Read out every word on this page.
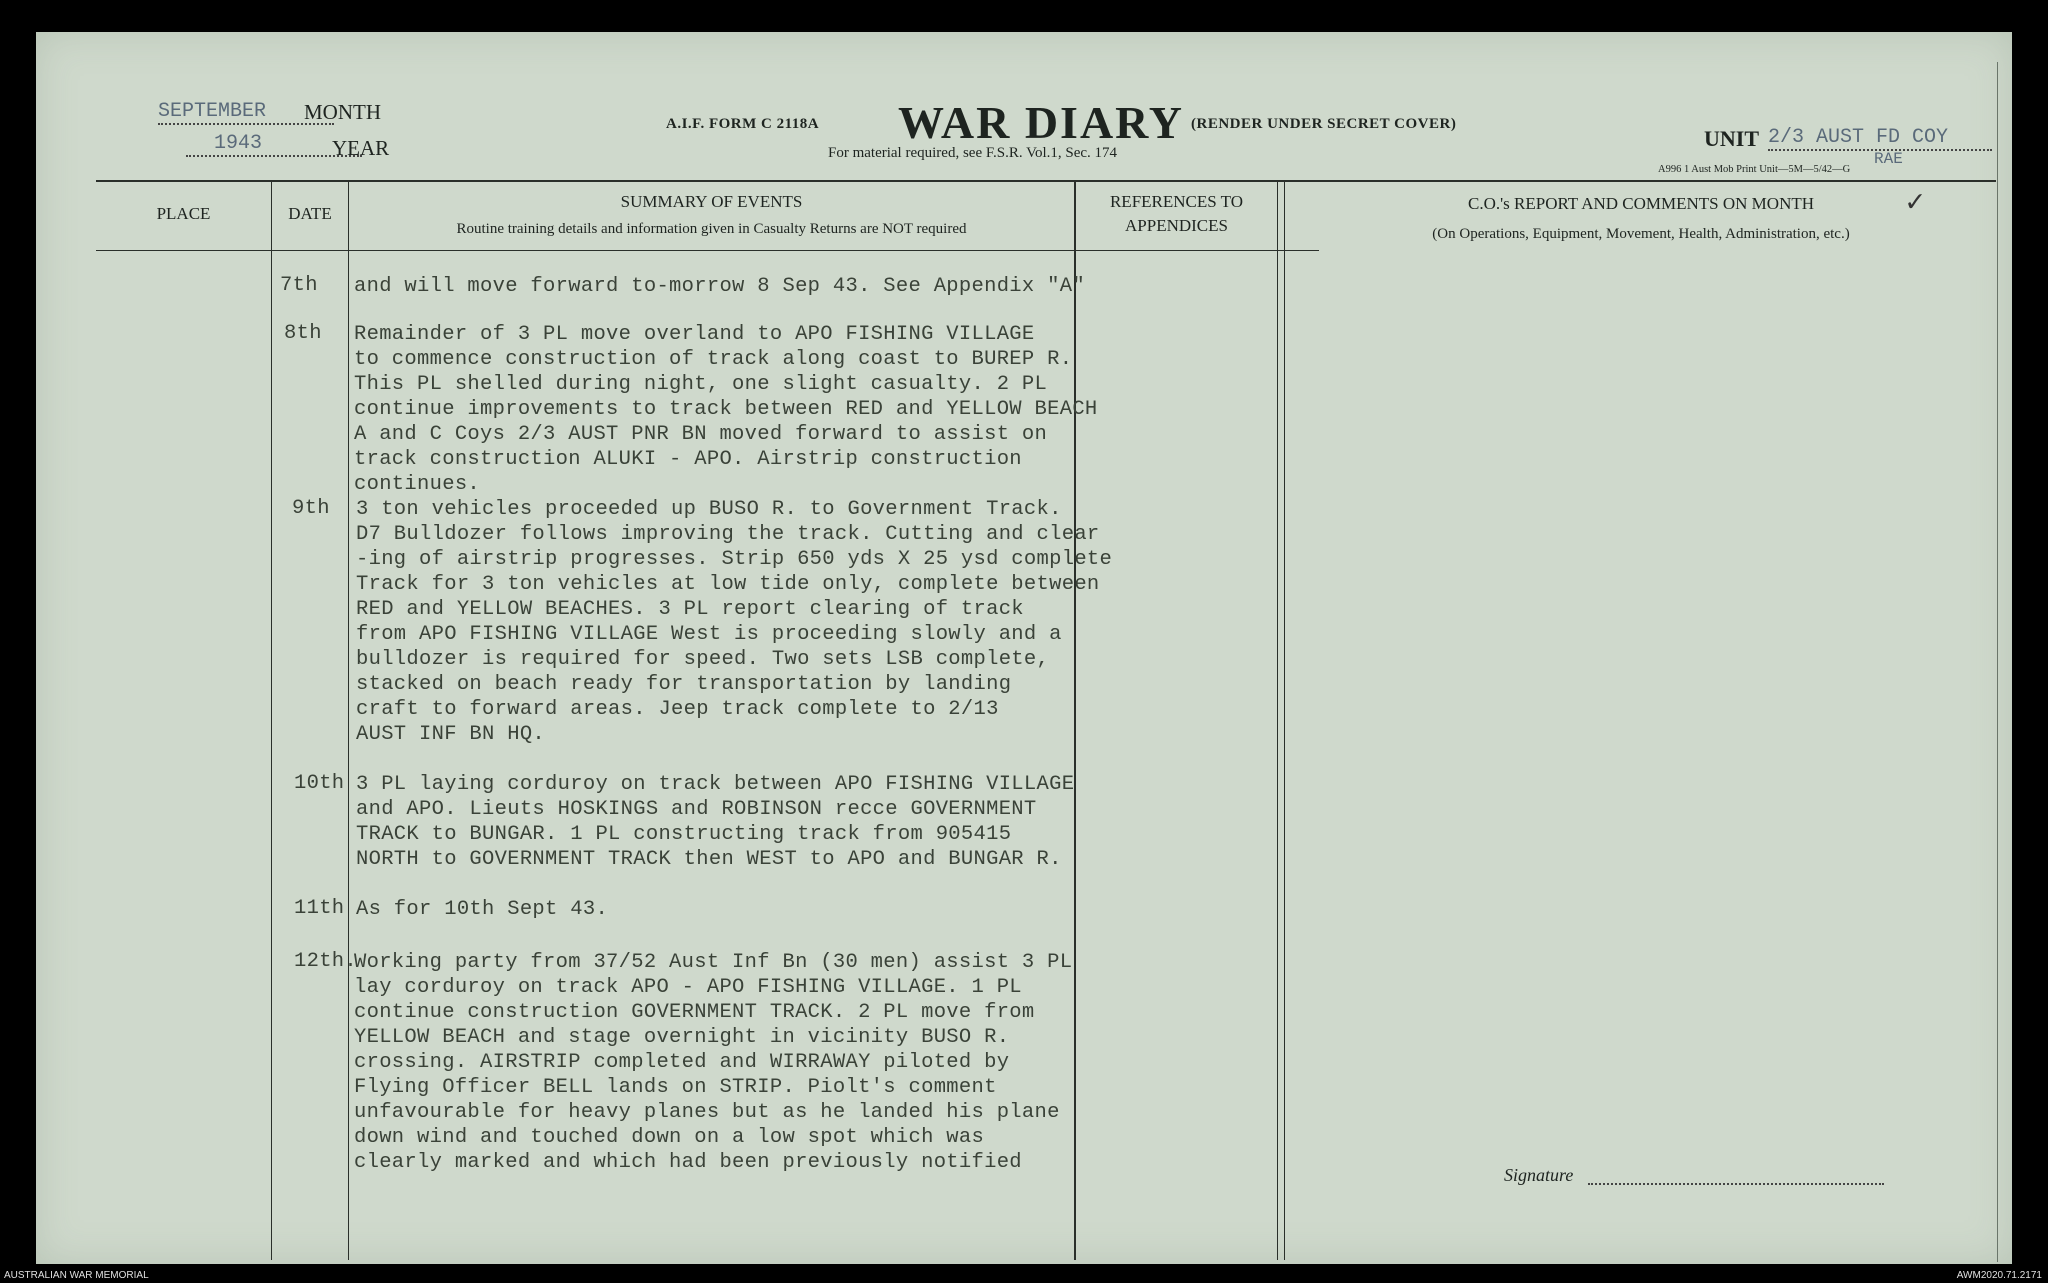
SEPTEMBER	MONTH
1943	YEAR
A.I.F. FORM C 2118A WAR DIARY (RENDER UNDER SECRET COVER)
For material required, see F.S.R. Vol.1, Sec. 174
UNIT 2/3 AUST FD COY
RAE
A996 1 Aust Mob Print Unit—5M—5/42—G
PLACE	DATE
SUMMARY OF EVENTS
Routine training details and information given in Casualty Returns are NOT required
REFERENCES TO
APPENDICES
C.O.'s REPORT AND COMMENTS ON MONTH
(On Operations, Equipment, Movement, Health, Administration, etc.)
✓
7th and will move forward to-morrow 8 Sep 43. See Appendix "A"
8th Remainder of 3 PL move overland to APO FISHING VILLAGE
to commence construction of track along coast to BUREP R.
This PL shelled during night, one slight casualty. 2 PL
continue improvements to track between RED and YELLOW BEACH
A and C Coys 2/3 AUST PNR BN moved forward to assist on
track construction ALUKI - APO. Airstrip construction
continues.
9th 3 ton vehicles proceeded up BUSO R. to Government Track.
D7 Bulldozer follows improving the track. Cutting and clear
-ing of airstrip progresses. Strip 650 yds X 25 ysd complete
Track for 3 ton vehicles at low tide only, complete between
RED and YELLOW BEACHES. 3 PL report clearing of track
from APO FISHING VILLAGE West is proceeding slowly and a
bulldozer is required for speed. Two sets LSB complete,
stacked on beach ready for transportation by landing
craft to forward areas. Jeep track complete to 2/13
AUST INF BN HQ.
10th 3 PL laying corduroy on track between APO FISHING VILLAGE
and APO. Lieuts HOSKINGS and ROBINSON recce GOVERNMENT
TRACK to BUNGAR. 1 PL constructing track from 905415
NORTH to GOVERNMENT TRACK then WEST to APO and BUNGAR R.
11th As for 10th Sept 43.
12th.
Working party from 37/52 Aust Inf Bn (30 men) assist 3 PL
lay corduroy on track APO - APO FISHING VILLAGE. 1 PL
continue construction GOVERNMENT TRACK. 2 PL move from
YELLOW BEACH and stage overnight in vicinity BUSO R.
crossing. AIRSTRIP completed and WIRRAWAY piloted by
Flying Officer BELL lands on STRIP. Piolt's comment
unfavourable for heavy planes but as he landed his plane
down wind and touched down on a low spot which was
clearly marked and which had been previously notified
Signature
AUSTRALIAN WAR MEMORIAL	AWM2020.71.2171
